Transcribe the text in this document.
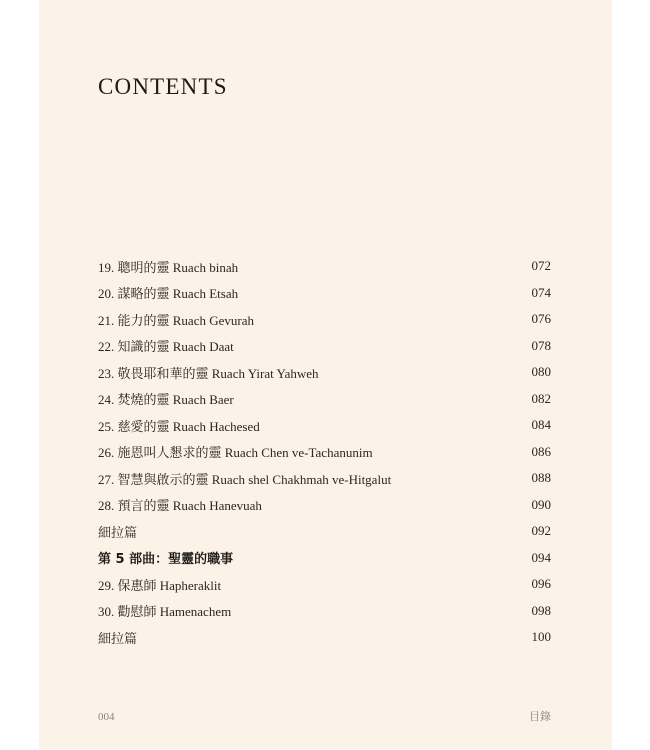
CONTENTS
19. 聰明的靈 Ruach binah	072
20. 謀略的靈 Ruach Etsah	074
21. 能力的靈 Ruach Gevurah	076
22. 知識的靈 Ruach Daat	078
23. 敬畏耶和華的靈 Ruach Yirat Yahweh	080
24. 焚燒的靈 Ruach Baer	082
25. 慈愛的靈 Ruach Hachesed	084
26. 施恩叫人懇求的靈 Ruach Chen ve-Tachanunim	086
27. 智慧與啟示的靈 Ruach shel Chakhmah ve-Hitgalut	088
28. 預言的靈 Ruach Hanevuah	090
細拉篇	092
第 5 部曲：聖靈的職事	094
29. 保惠師 Hapheraklit	096
30. 勸慰師 Hamenachem	098
細拉篇	100
004	目錄
